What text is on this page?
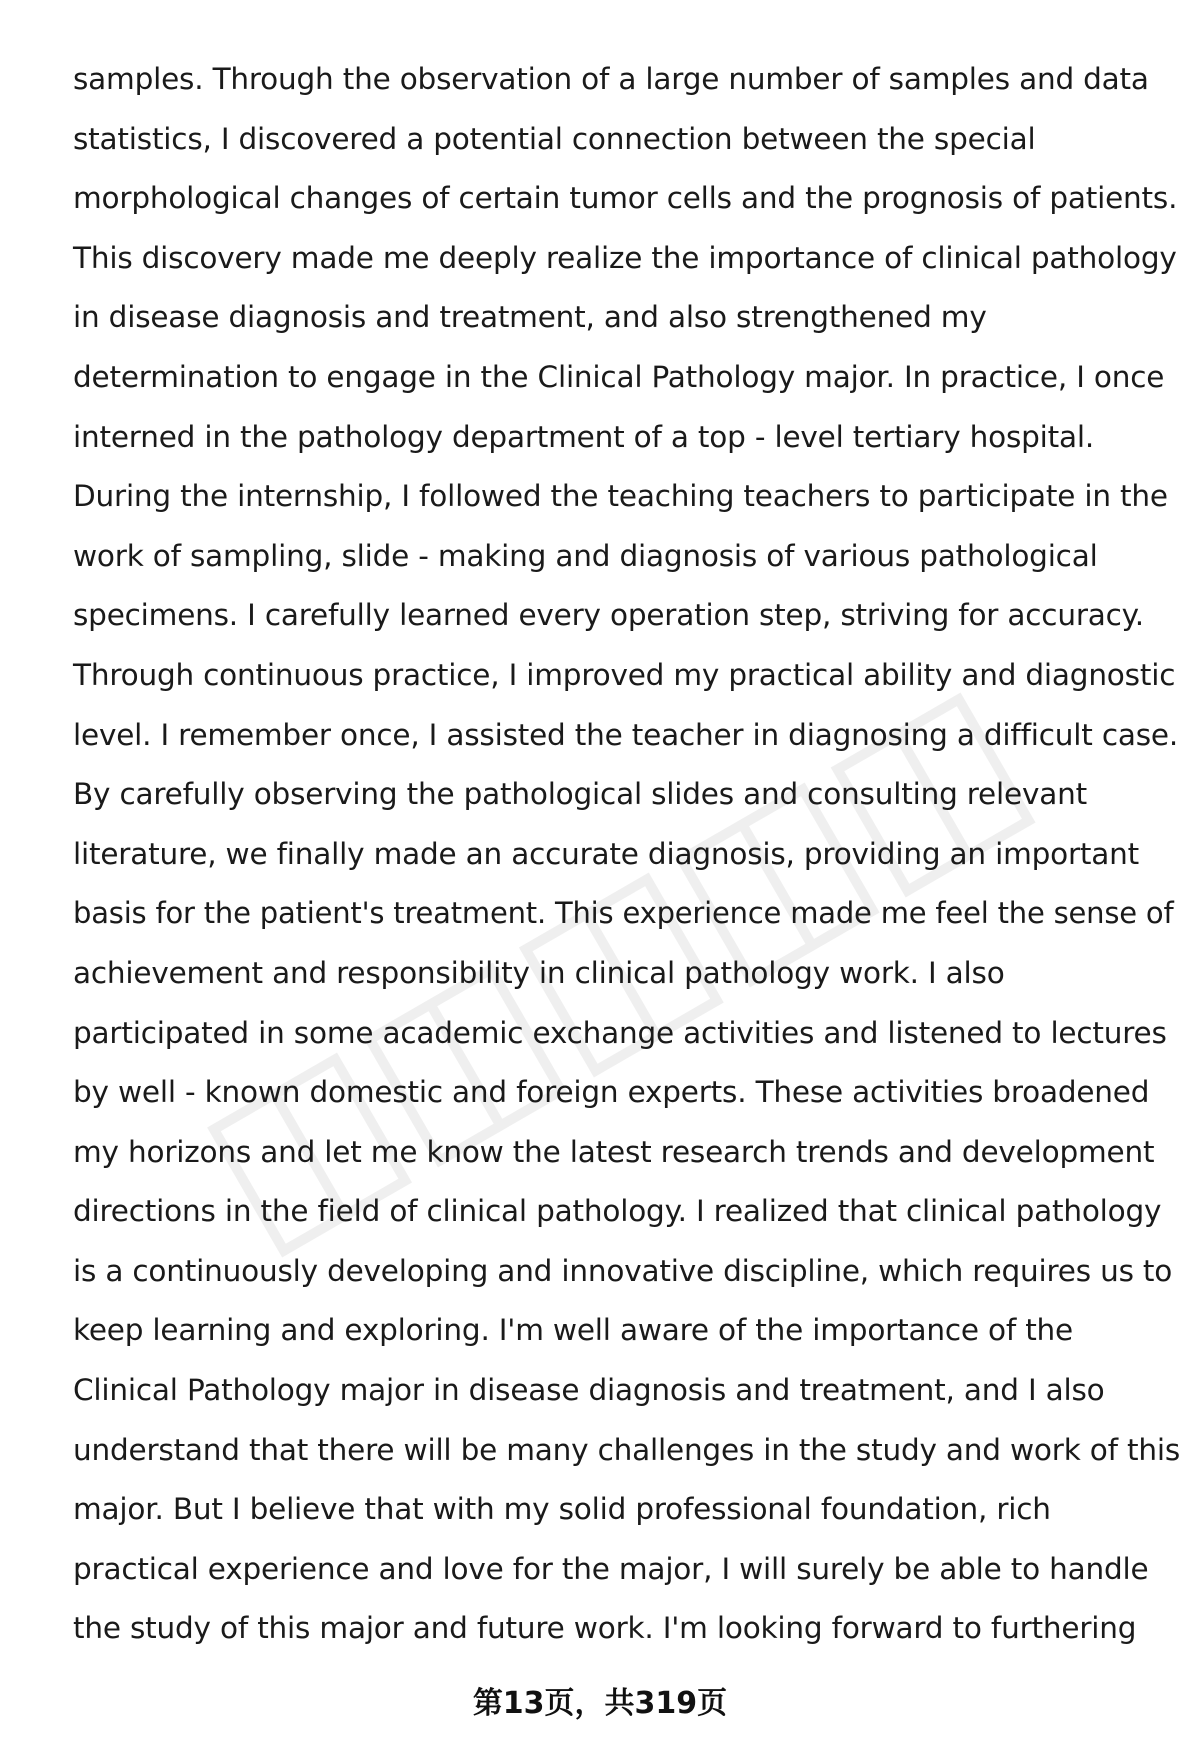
samples. Through the observation of a large number of samples and data
statistics, I discovered a potential connection between the special
morphological changes of certain tumor cells and the prognosis of patients.
This discovery made me deeply realize the importance of clinical pathology
in disease diagnosis and treatment, and also strengthened my
determination to engage in the Clinical Pathology major. In practice, I once
interned in the pathology department of a top - level tertiary hospital.
During the internship, I followed the teaching teachers to participate in the
work of sampling, slide - making and diagnosis of various pathological
specimens. I carefully learned every operation step, striving for accuracy.
Through continuous practice, I improved my practical ability and diagnostic
level. I remember once, I assisted the teacher in diagnosing a difficult case.
By carefully observing the pathological slides and consulting relevant
literature, we finally made an accurate diagnosis, providing an important
basis for the patient's treatment. This experience made me feel the sense of
achievement and responsibility in clinical pathology work. I also
participated in some academic exchange activities and listened to lectures
by well - known domestic and foreign experts. These activities broadened
my horizons and let me know the latest research trends and development
directions in the field of clinical pathology. I realized that clinical pathology
is a continuously developing and innovative discipline, which requires us to
keep learning and exploring. I'm well aware of the importance of the
Clinical Pathology major in disease diagnosis and treatment, and I also
understand that there will be many challenges in the study and work of this
major. But I believe that with my solid professional foundation, rich
practical experience and love for the major, I will surely be able to handle
the study of this major and future work. I'm looking forward to furthering
第13页，共319页
